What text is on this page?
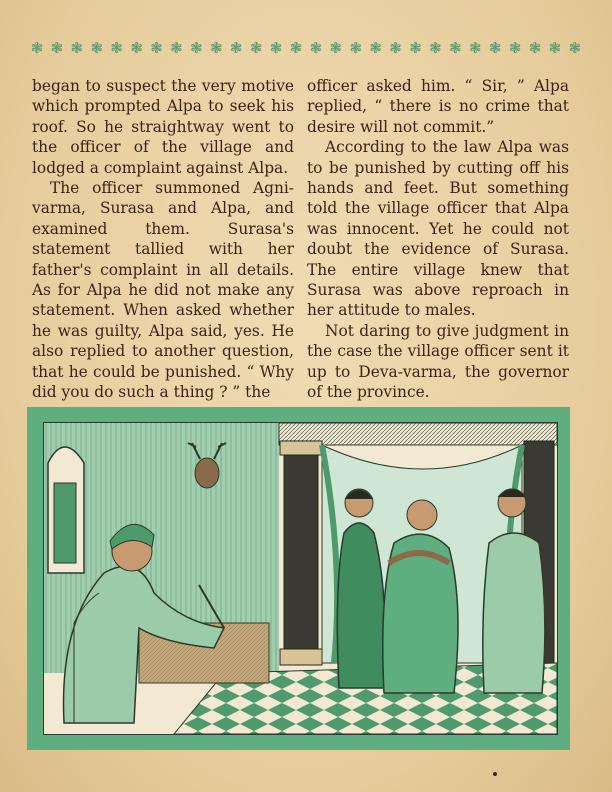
❃ ❃ ❃ ❃ ❃ ❃ ❃ ❃ ❃ ❃ ❃ ❃ ❃ ❃ ❃ ❃ ❃ ❃ ❃ ❃ ❃ ❃ ❃ ❃ ❃ ❃ ❃ ❃

began to suspect the very motive which prompted Alpa to seek his roof. So he straightway went to the officer of the village and lodged a complaint against Alpa.

The officer summoned Agni-varma, Surasa and Alpa, and examined them. Surasa's statement tallied with her father's complaint in all details. As for Alpa he did not make any statement. When asked whether he was guilty, Alpa said, yes. He also replied to another question, that he could be punished. “ Why did you do such a thing ? ” the

officer asked him. “ Sir, ” Alpa replied, “ there is no crime that desire will not commit.”

According to the law Alpa was to be punished by cutting off his hands and feet. But something told the village officer that Alpa was innocent. Yet he could not doubt the evidence of Surasa. The entire village knew that Surasa was above reproach in her attitude to males.

Not daring to give judgment in the case the village officer sent it up to Deva-varma, the governor of the province.
